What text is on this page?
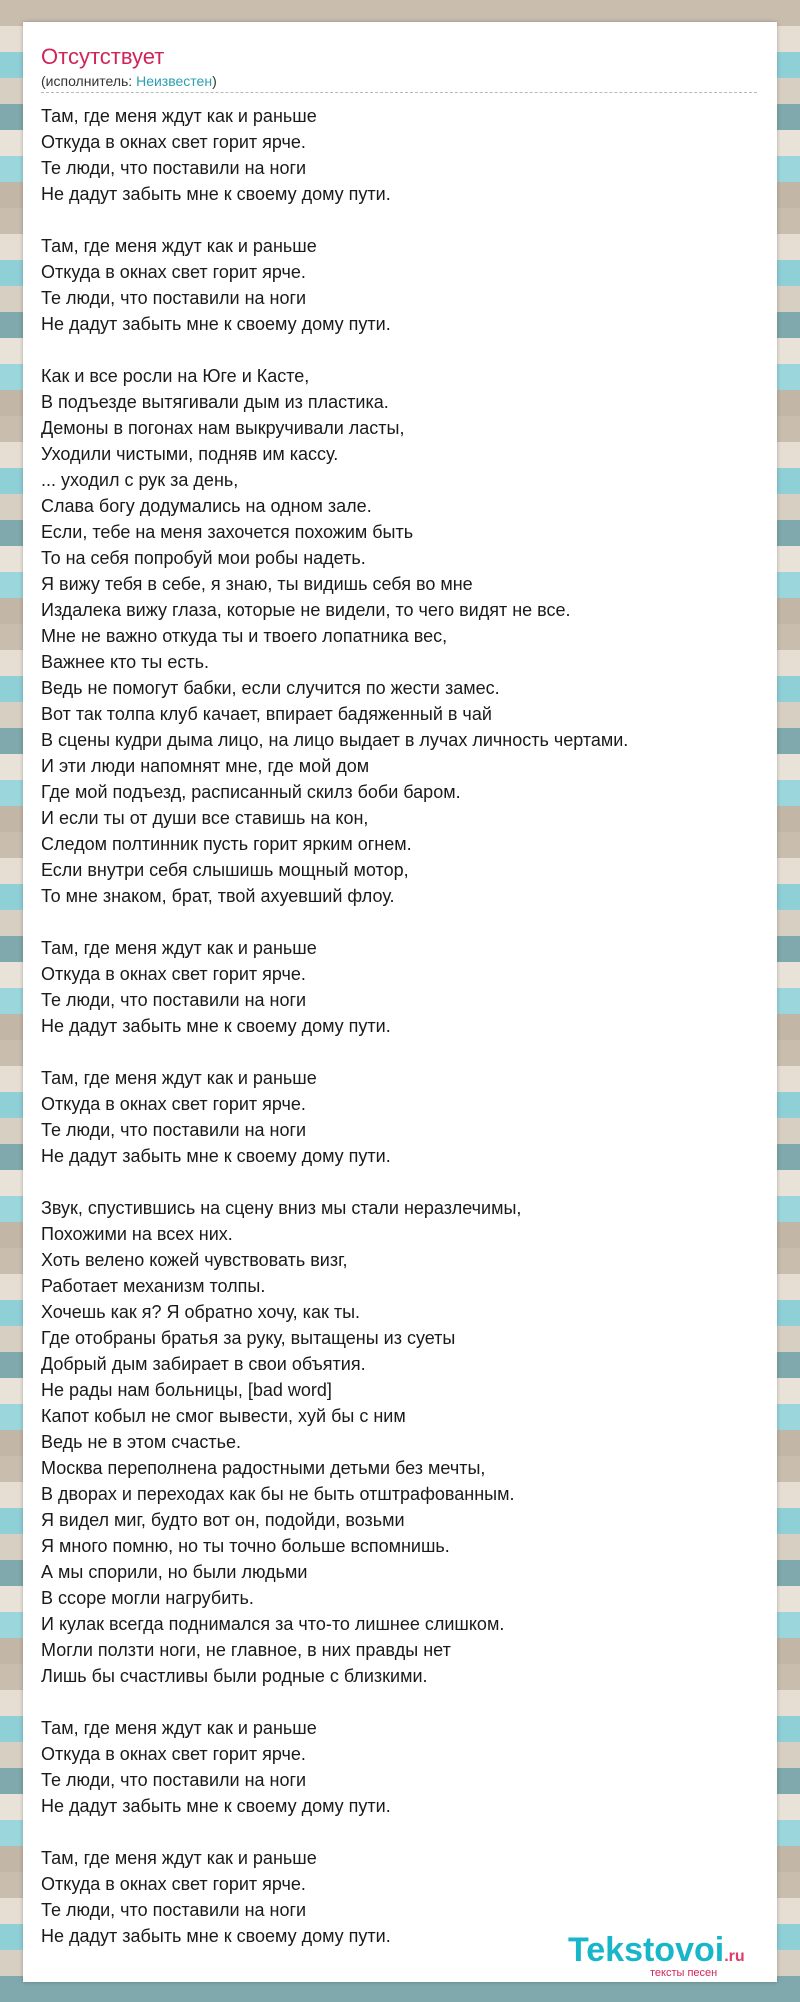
Отсутствует
(исполнитель: Неизвестен)
Там, где меня ждут как и раньше
Откуда в окнах свет горит ярче.
Те люди, что поставили на ноги
Не дадут забыть мне к своему дому пути.
Там, где меня ждут как и раньше
Откуда в окнах свет горит ярче.
Те люди, что поставили на ноги
Не дадут забыть мне к своему дому пути.
Как и все росли на Юге и Касте,
В подъезде вытягивали дым из пластика.
Демоны в погонах нам выкручивали ласты,
Уходили чистыми, подняв им кассу.
... уходил с рук за день,
Слава богу додумались на одном зале.
Если, тебе на меня захочется похожим быть
То на себя попробуй мои робы надеть.
Я вижу тебя в себе, я знаю, ты видишь себя во мне
Издалека вижу глаза, которые не видели, то чего видят не все.
Мне не важно откуда ты и твоего лопатника вес,
Важнее кто ты есть.
Ведь не помогут бабки, если случится по жести замес.
Вот так толпа клуб качает, впирает бадяженный в чай
В сцены кудри дыма лицо, на лицо выдает в лучах личность чертами.
И эти люди напомнят мне, где мой дом
Где мой подъезд, расписанный скилз боби баром.
И если ты от души все ставишь на кон,
Следом полтинник пусть горит ярким огнем.
Если внутри себя слышишь мощный мотор,
То мне знаком, брат, твой ахуевший флоу.
Там, где меня ждут как и раньше
Откуда в окнах свет горит ярче.
Те люди, что поставили на ноги
Не дадут забыть мне к своему дому пути.
Там, где меня ждут как и раньше
Откуда в окнах свет горит ярче.
Те люди, что поставили на ноги
Не дадут забыть мне к своему дому пути.
Звук, спустившись на сцену вниз мы стали неразлечимы,
Похожими на всех них.
Хоть велено кожей чувствовать визг,
Работает механизм толпы.
Хочешь как я? Я обратно хочу, как ты.
Где отобраны братья за руку, вытащены из суеты
Добрый дым забирает в свои объятия.
Не рады нам больницы, [bad word]
Капот кобыл не смог вывести, хуй бы с ним
Ведь не в этом счастье.
Москва переполнена радостными детьми без мечты,
В дворах и переходах как бы не быть отштрафованным.
Я видел миг, будто вот он, подойди, возьми
Я много помню, но ты точно больше вспомнишь.
А мы спорили, но были людьми
В ссоре могли нагрубить.
И кулак всегда поднимался за что-то лишнее слишком.
Могли ползти ноги, не главное, в них правды нет
Лишь бы счастливы были родные с близкими.
Там, где меня ждут как и раньше
Откуда в окнах свет горит ярче.
Те люди, что поставили на ноги
Не дадут забыть мне к своему дому пути.
Там, где меня ждут как и раньше
Откуда в окнах свет горит ярче.
Те люди, что поставили на ноги
Не дадут забыть мне к своему дому пути.	Tekstovoi.ru
тексты песен
